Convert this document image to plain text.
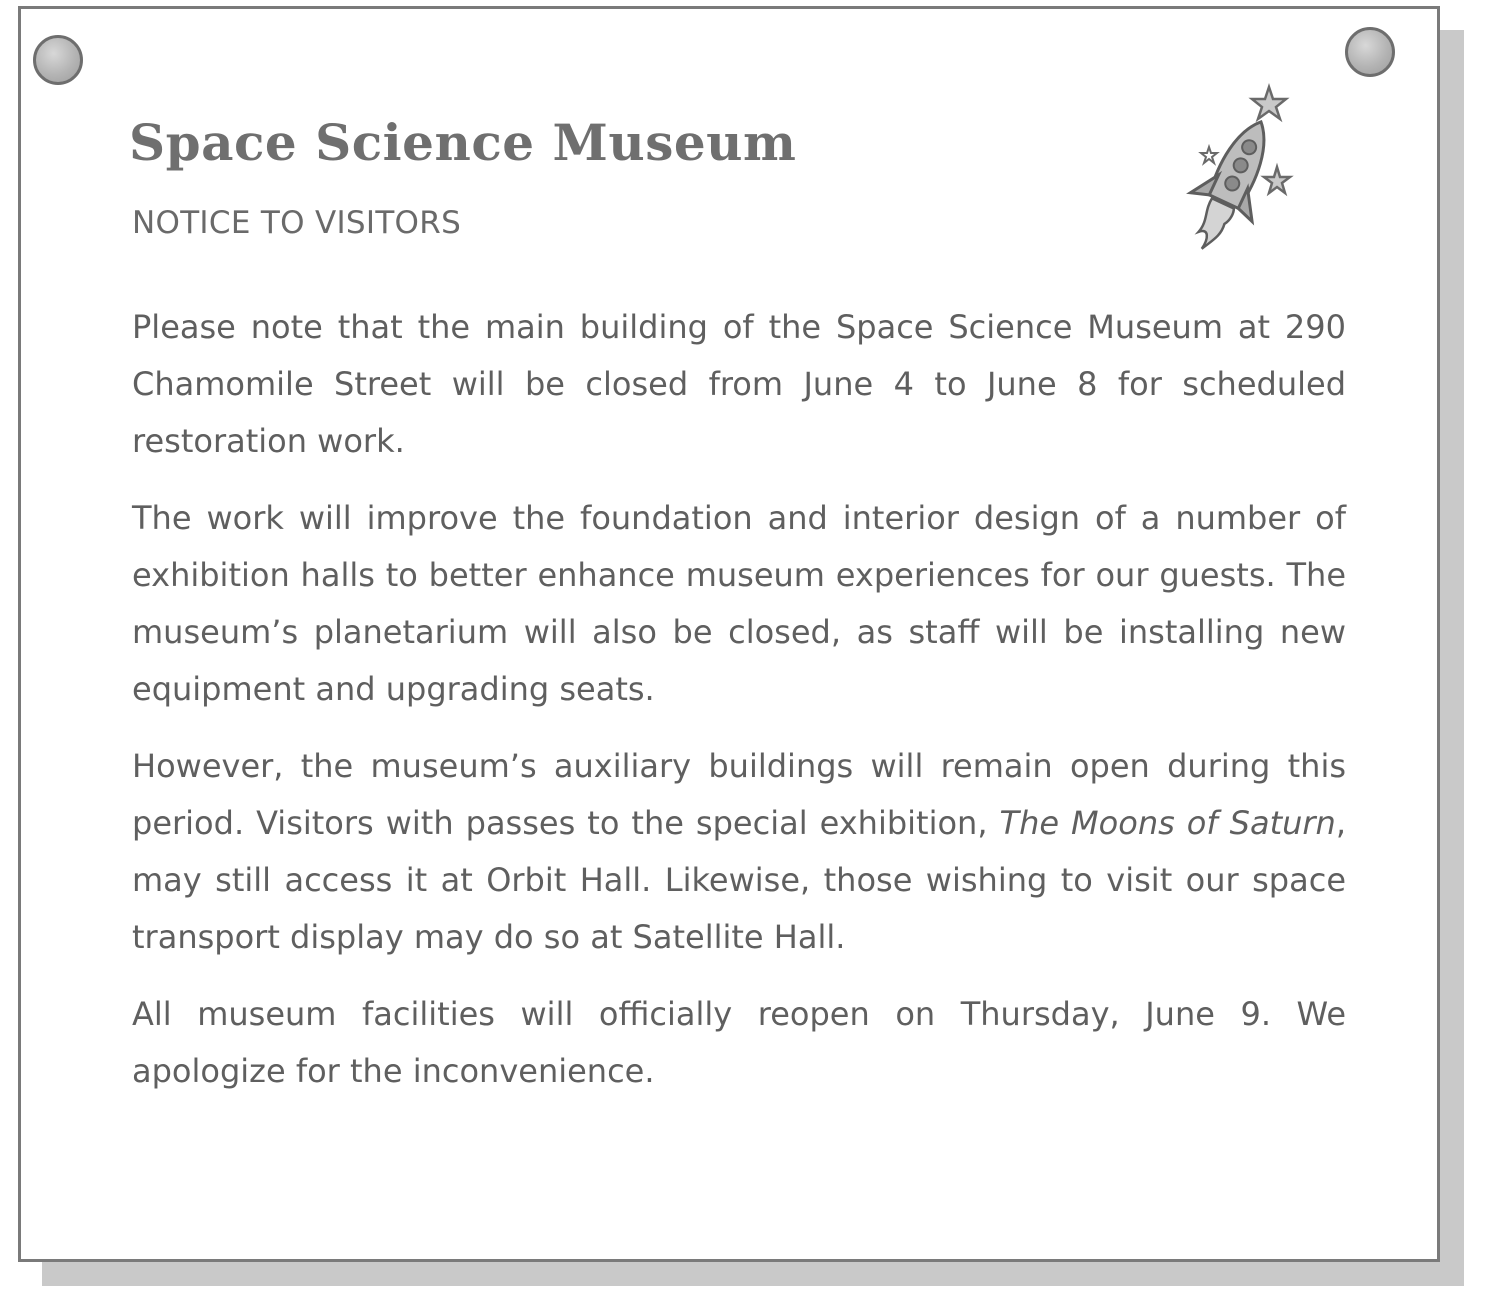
Space Science Museum
NOTICE TO VISITORS

Please note that the main building of the Space Science Museum at 290 Chamomile Street will be closed from June 4 to June 8 for scheduled restoration work.

The work will improve the foundation and interior design of a number of exhibition halls to better enhance museum experiences for our guests. The museum’s planetarium will also be closed, as staff will be installing new equipment and upgrading seats.

However, the museum’s auxiliary buildings will remain open during this period. Visitors with passes to the special exhibition, The Moons of Saturn, may still access it at Orbit Hall. Likewise, those wishing to visit our space transport display may do so at Satellite Hall.

All museum facilities will officially reopen on Thursday, June 9. We apologize for the inconvenience.
